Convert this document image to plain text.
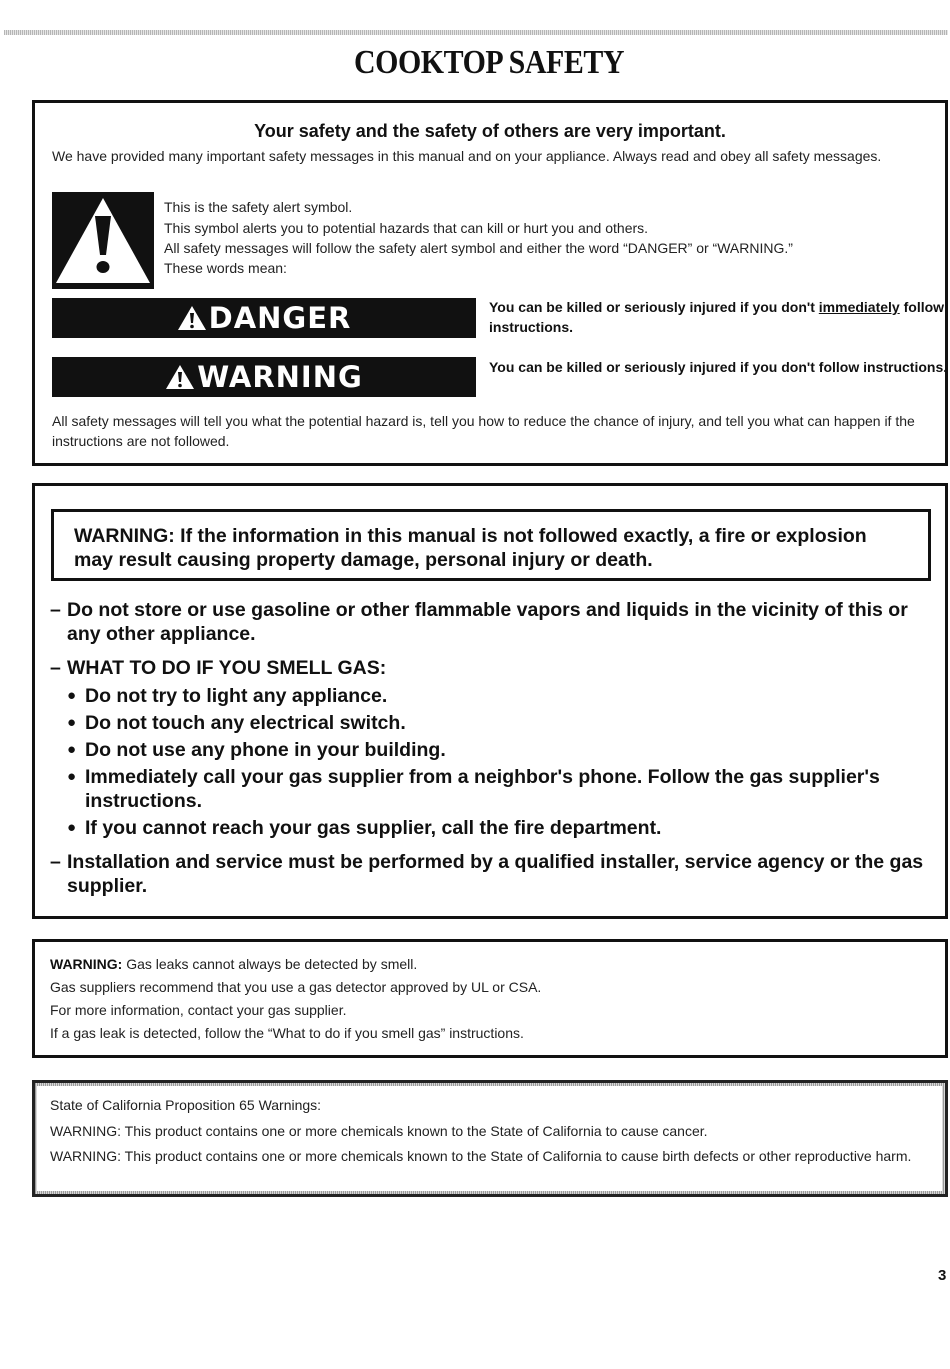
COOKTOP SAFETY
Your safety and the safety of others are very important.
We have provided many important safety messages in this manual and on your appliance. Always read and obey all safety messages.
This is the safety alert symbol.
This symbol alerts you to potential hazards that can kill or hurt you and others.
All safety messages will follow the safety alert symbol and either the word “DANGER” or “WARNING.”
These words mean:
DANGER	You can be killed or seriously injured if you don't immediately follow instructions.
WARNING	You can be killed or seriously injured if you don't follow instructions.
All safety messages will tell you what the potential hazard is, tell you how to reduce the chance of injury, and tell you what can happen if the instructions are not followed.
WARNING: If the information in this manual is not followed exactly, a fire or explosion may result causing property damage, personal injury or death.
– Do not store or use gasoline or other flammable vapors and liquids in the vicinity of this or any other appliance.
– WHAT TO DO IF YOU SMELL GAS:
● Do not try to light any appliance.
● Do not touch any electrical switch.
● Do not use any phone in your building.
● Immediately call your gas supplier from a neighbor's phone. Follow the gas supplier's instructions.
● If you cannot reach your gas supplier, call the fire department.
– Installation and service must be performed by a qualified installer, service agency or the gas supplier.
WARNING: Gas leaks cannot always be detected by smell.
Gas suppliers recommend that you use a gas detector approved by UL or CSA.
For more information, contact your gas supplier.
If a gas leak is detected, follow the “What to do if you smell gas” instructions.
State of California Proposition 65 Warnings:
WARNING: This product contains one or more chemicals known to the State of California to cause cancer.
WARNING: This product contains one or more chemicals known to the State of California to cause birth defects or other reproductive harm.
3
